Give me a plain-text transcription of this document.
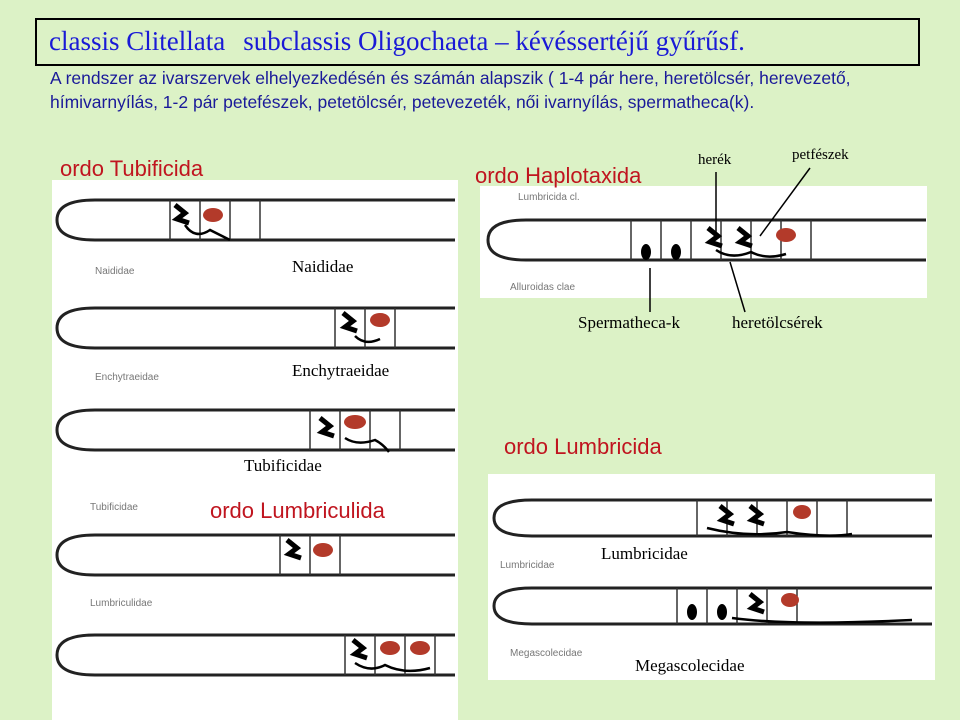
classis Clitellata subclassis Oligochaeta – kévéssertéjű gyűrűsf.
A rendszer az ivarszervek elhelyezkedésén és számán alapszik ( 1-4 pár here, heretölcsér, herevezető, hímivarnyílás, 1-2 pár petefészek, petetölcsér, petevezeték, női ivarnyílás, spermatheca(k).
Naididae
Enchytraeidae
Tubificidae
Lumbriculidae
Lumbricida cl.
Alluroidas clae
Lumbricidae
Megascolecidae
ordo Tubificida	ordo Haplotaxida
ordo Lumbriculida
ordo Lumbricida
Naididae
Enchytraeidae
Tubificidae
Lumbricidae
Megascolecidae
herék	petfészek
Spermatheca-k	heretölcsérek
